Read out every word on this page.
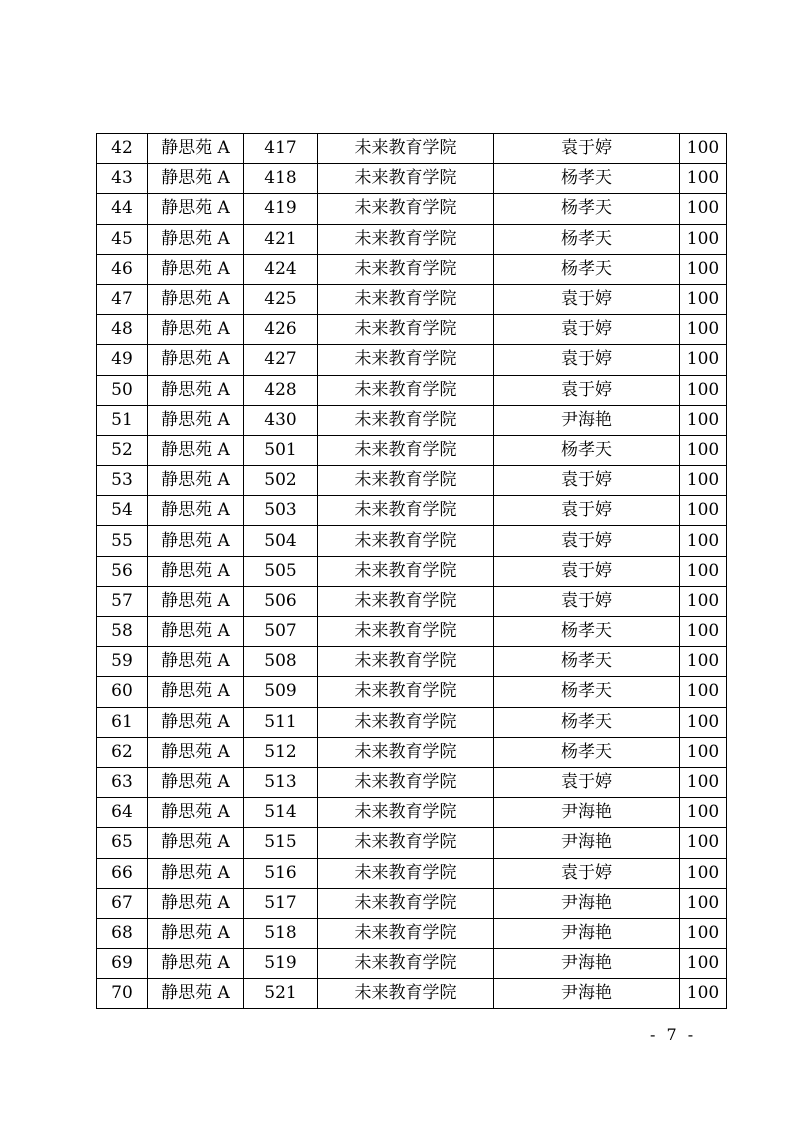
42	静思苑 A	417	未来教育学院	袁于婷	100
43	静思苑 A	418	未来教育学院	杨孝天	100
44	静思苑 A	419	未来教育学院	杨孝天	100
45	静思苑 A	421	未来教育学院	杨孝天	100
46	静思苑 A	424	未来教育学院	杨孝天	100
47	静思苑 A	425	未来教育学院	袁于婷	100
48	静思苑 A	426	未来教育学院	袁于婷	100
49	静思苑 A	427	未来教育学院	袁于婷	100
50	静思苑 A	428	未来教育学院	袁于婷	100
51	静思苑 A	430	未来教育学院	尹海艳	100
52	静思苑 A	501	未来教育学院	杨孝天	100
53	静思苑 A	502	未来教育学院	袁于婷	100
54	静思苑 A	503	未来教育学院	袁于婷	100
55	静思苑 A	504	未来教育学院	袁于婷	100
56	静思苑 A	505	未来教育学院	袁于婷	100
57	静思苑 A	506	未来教育学院	袁于婷	100
58	静思苑 A	507	未来教育学院	杨孝天	100
59	静思苑 A	508	未来教育学院	杨孝天	100
60	静思苑 A	509	未来教育学院	杨孝天	100
61	静思苑 A	511	未来教育学院	杨孝天	100
62	静思苑 A	512	未来教育学院	杨孝天	100
63	静思苑 A	513	未来教育学院	袁于婷	100
64	静思苑 A	514	未来教育学院	尹海艳	100
65	静思苑 A	515	未来教育学院	尹海艳	100
66	静思苑 A	516	未来教育学院	袁于婷	100
67	静思苑 A	517	未来教育学院	尹海艳	100
68	静思苑 A	518	未来教育学院	尹海艳	100
69	静思苑 A	519	未来教育学院	尹海艳	100
70	静思苑 A	521	未来教育学院	尹海艳	100
- 7 -
